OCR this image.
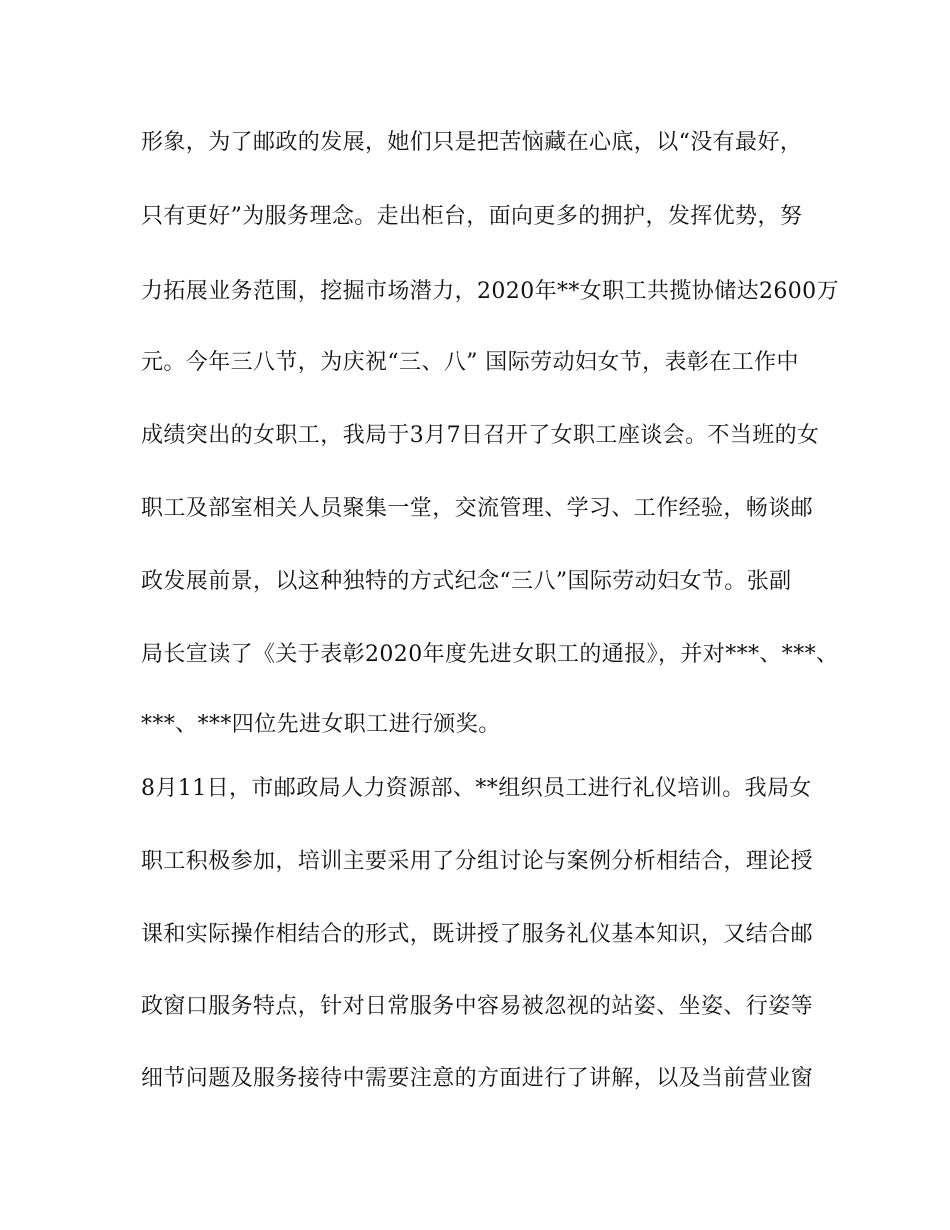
形象，为了邮政的发展，她们只是把苦恼藏在心底，以“没有最好，
只有更好”为服务理念。走出柜台，面向更多的拥护，发挥优势，努
力拓展业务范围，挖掘市场潜力，2020年**女职工共揽协储达2600万
元。今年三八节，为庆祝“三、八” 国际劳动妇女节，表彰在工作中
成绩突出的女职工，我局于3月7日召开了女职工座谈会。不当班的女
职工及部室相关人员聚集一堂，交流管理、学习、工作经验，畅谈邮
政发展前景，以这种独特的方式纪念“三八”国际劳动妇女节。张副
局长宣读了《关于表彰2020年度先进女职工的通报》，并对***、***、
***、***四位先进女职工进行颁奖。
8月11日，市邮政局人力资源部、**组织员工进行礼仪培训。我局女
职工积极参加，培训主要采用了分组讨论与案例分析相结合，理论授
课和实际操作相结合的形式，既讲授了服务礼仪基本知识，又结合邮
政窗口服务特点，针对日常服务中容易被忽视的站姿、坐姿、行姿等
细节问题及服务接待中需要注意的方面进行了讲解，以及当前营业窗
